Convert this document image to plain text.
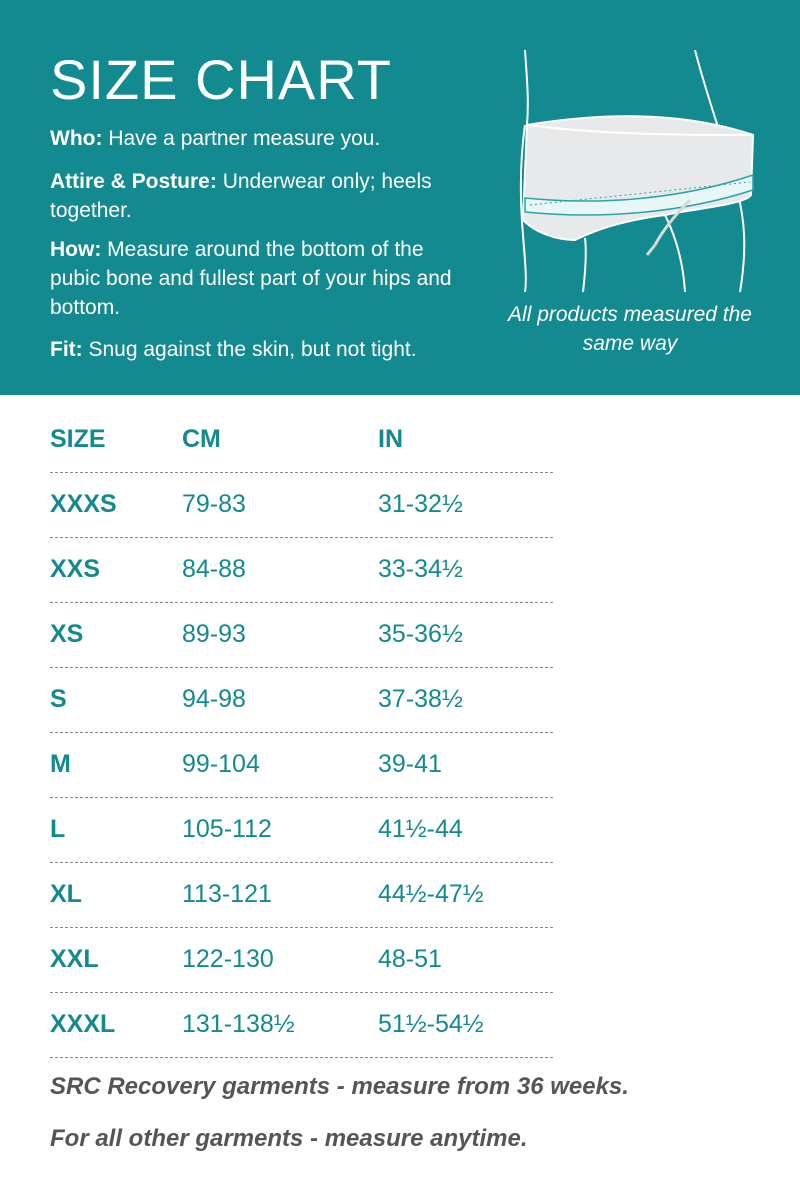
SIZE CHART
Who: Have a partner measure you.
Attire & Posture: Underwear only; heels together.
How: Measure around the bottom of the pubic bone and fullest part of your hips and bottom.
Fit: Snug against the skin, but not tight.
All products measured the same way
SIZE	CM	IN
XXXS	79-83	31-32½
XXS	84-88	33-34½
XS	89-93	35-36½
S	94-98	37-38½
M	99-104	39-41
L	105-112	41½-44
XL	113-121	44½-47½
XXL	122-130	48-51
XXXL	131-138½	51½-54½
SRC Recovery garments - measure from 36 weeks.
For all other garments - measure anytime.
